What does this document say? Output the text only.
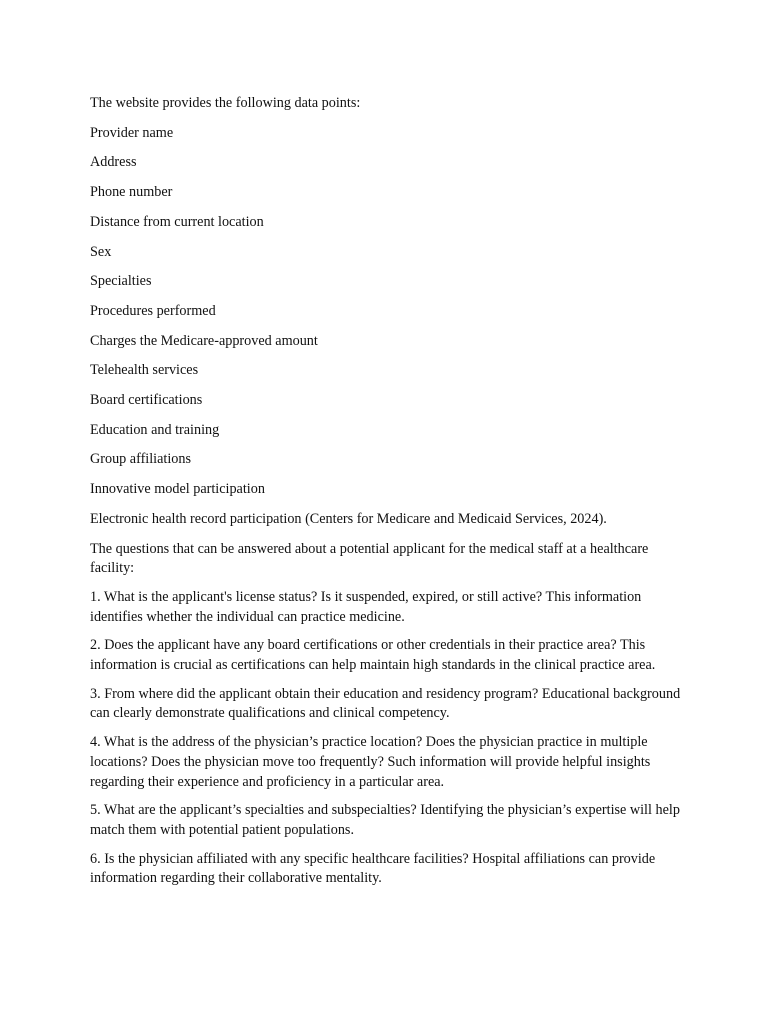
The website provides the following data points:

Provider name
Address
Phone number
Distance from current location
Sex
Specialties
Procedures performed
Charges the Medicare-approved amount
Telehealth services
Board certifications
Education and training
Group affiliations
Innovative model participation
Electronic health record participation (Centers for Medicare and Medicaid Services, 2024).

The questions that can be answered about a potential applicant for the medical staff at a healthcare facility:

1. What is the applicant's license status? Is it suspended, expired, or still active? This information identifies whether the individual can practice medicine.
2. Does the applicant have any board certifications or other credentials in their practice area? This information is crucial as certifications can help maintain high standards in the clinical practice area.
3. From where did the applicant obtain their education and residency program? Educational background can clearly demonstrate qualifications and clinical competency.
4. What is the address of the physician’s practice location? Does the physician practice in multiple locations? Does the physician move too frequently? Such information will provide helpful insights regarding their experience and proficiency in a particular area.
5. What are the applicant’s specialties and subspecialties? Identifying the physician’s expertise will help match them with potential patient populations.
6. Is the physician affiliated with any specific healthcare facilities? Hospital affiliations can provide information regarding their collaborative mentality.
